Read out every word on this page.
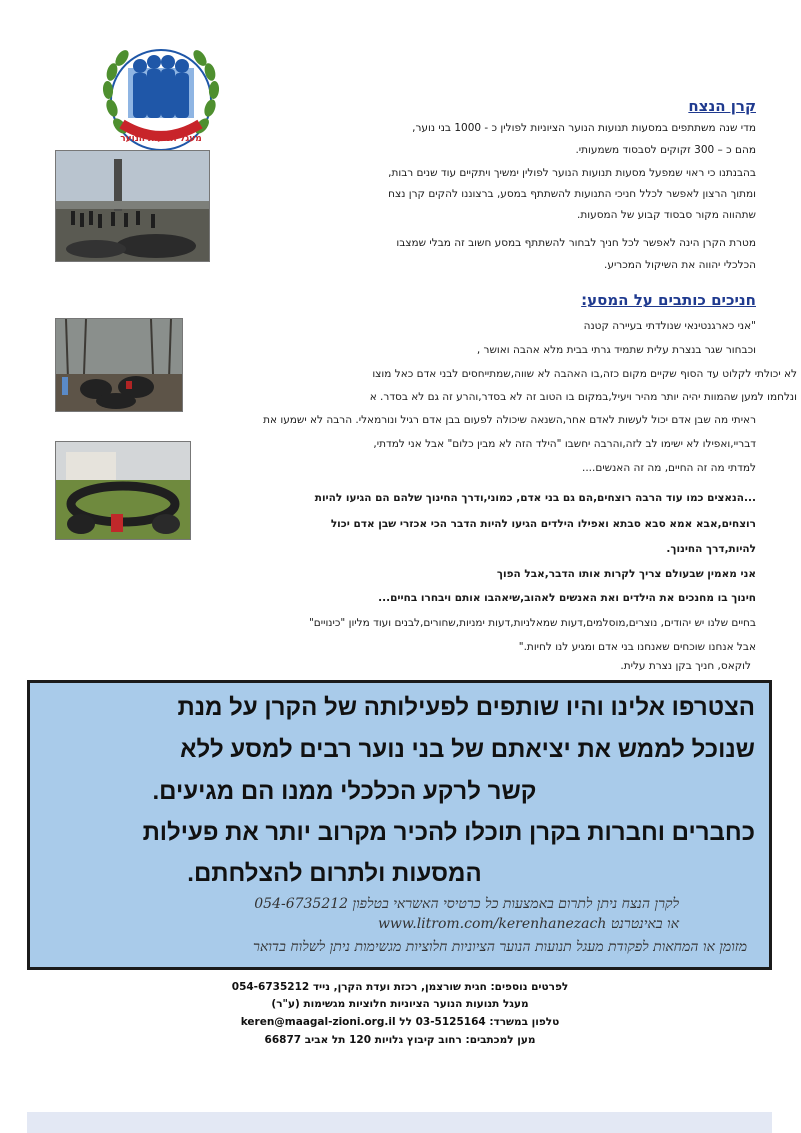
מעגל תנועות הנוער
קרן הנצח
מדי שנה משתתפים במסעות תנועות הנוער הציוניות לפולין כ - 1000 בני נוער,
מהם כ – 300 זקוקים לסבסוד משמעותי.
בהבנתנו כי ראוי שמפעל מסעות תנועות הנוער לפולין ימשיך ויתקיים עוד שנים רבות,
ומתוך הרצון לאפשר לכלל חניכי התנועות להשתתף במסע, ברצוננו להקים קרן נצח
שתהווה מקור סבסוד קבוע של המסעות.
מטרת הקרן הינה לאפשר לכל חניך לבחור להשתתף במסע חשוב זה מבלי שמצבו
הכלכלי יהווה את השיקול המכריע.
חניכים כותבים על המסע:
"אני כארגנטינאי שנולדתי בעיירה קטנה
וכבחור שגר בנצרת עלית שתמיד גרתי בבית מלא אהבה ואושר ,
לא יכולתי לקלוט עד הסוף שקיים מקום כזה,בו האהבה לא שווה,שמתייחסים לבני אדם כאל מוצו
ונלחמו למען שהמוות יהיה יותר מהיר ויעיל,במקום בו הטוב זה לא בסדר,והרע זה גם לא בסדר. א
ראיתי מה שבן אדם יכול לעשות לאדם אחר,השנאה שיכולה לפעום בבן אדם רגיל ונורמאלי. הרבה לא ישמעו את
דבריי,ואפילו לא ישימו לב לזה,והרבה יחשבו "הילד הזה לא מבין כלום" אבל אני למדתי,
למדתי מה זה החיים, מה זה האנשים....
...הנאצים כמו עוד הרבה רוצחים,הם גם בני אדם, כמוני,ודרך החינוך שלהם הם הגיעו להיות
רוצחים,אבא אמא סבא סבתא ואפילו הילדים הגיעו להיות הדבר הכי אכזרי שבן אדם יכול
להיות,דרך החינוך.
אני מאמין שבעולם צריך לקרות אותו הדבר,אבל הפוך
חינוך בו מחנכים את הילדים ואת האנשים לאהוב,שיאהבו אותם ויבחרו בחיים...
בחיים שלנו יש יהודים, נוצרים,מוסלמים,דעות שמאלניות,דעות ימניות,שחורים,לבנים ועוד מליון "כינויים"
אבל אנחנו שוכחים שאנחנו בני אדם ומגיע לנו לחיות."
לוקאס, חניך בקן נצרת עלית.
הצטרפו אלינו והיו שותפים לפעילותה של הקרן על מנת
שנוכל לממש את יציאתם של בני נוער רבים למסע ללא
קשר לרקע הכלכלי ממנו הם מגיעים.
כחברים וחברות בקרן תוכלו להכיר מקרוב יותר את פעילות
המסעות ולתרום להצלחתם.
לקרן הנצח ניתן לתרום באמצעות כל כרטיסי האשראי בטלפון 054-6735212
או באינטרנט www.litrom.com/kerenhanezach
מזומן או המחאות לפקודת מעגל תנועות הנוער הציוניות חלוציות מגשימות ניתן לשלוח בדואר
לפרטים נוספים: חגית שורצמן, רכזת ועדת הקרן, נייד 054-6735212
מעגל תנועות הנוער הציוניות חלוציות מגשימות (ע"ר)
טלפון במשרד: 03-5125164 לל keren@maagal-zioni.org.il
מען למכתבים: רחוב קיבוץ גלויות 120 תל אביב 66877
